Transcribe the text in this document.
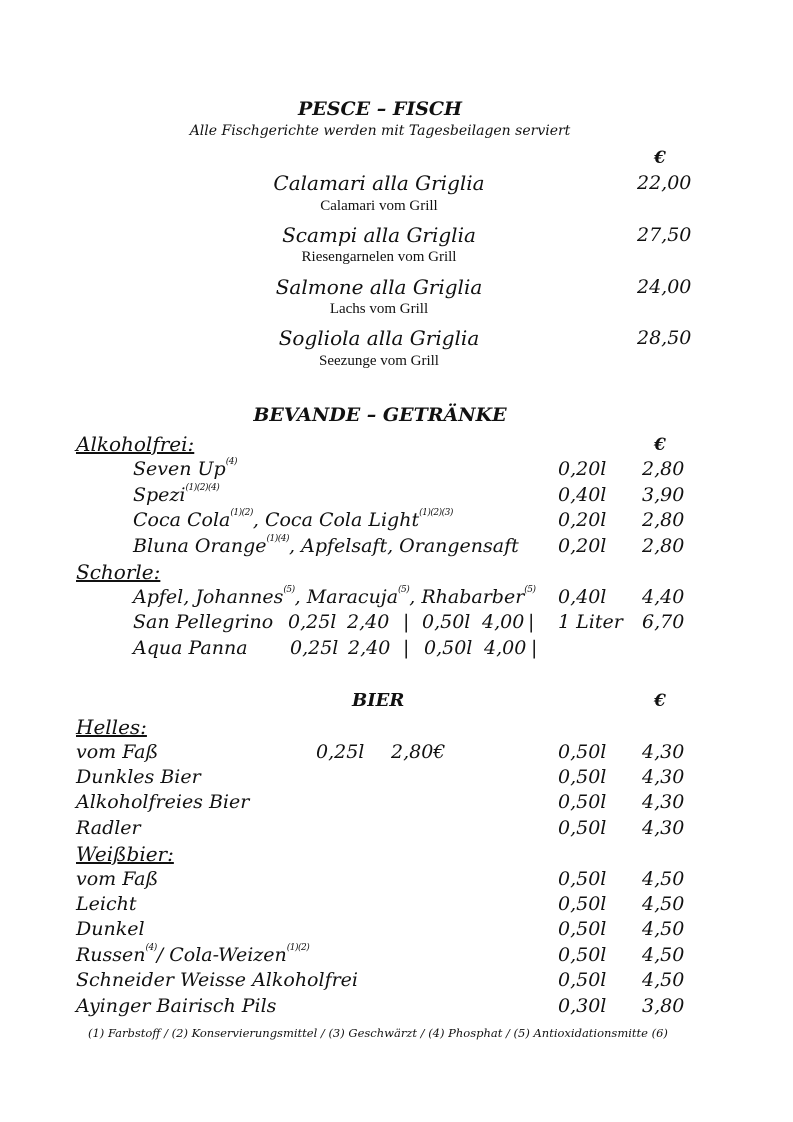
PESCE – FISCH
Alle Fischgerichte werden mit Tagesbeilagen serviert
€
Calamari alla Griglia	22,00
Calamari vom Grill
Scampi alla Griglia	27,50
Riesengarnelen vom Grill
Salmone alla Griglia	24,00
Lachs vom Grill
Sogliola alla Griglia	28,50
Seezunge vom Grill
BEVANDE – GETRÄNKE
Alkoholfrei:	€
Seven Up$^{(4)}$	0,20l 2,80
Spezi$^{(1)(2)(4)}$	0,40l 3,90
Coca Cola$^{(1)(2)}$, Coca Cola Light$^{(1)(2)(3)}$	0,20l 2,80
Bluna Orange$^{(1)(4)}$, Apfelsaft, Orangensaft 0,20l 2,80
Schorle:
Apfel, Johannes$^{(5)}$, Maracuja$^{(5)}$, Rhabarber$^{(5)}$ 0,40l 4,40
San Pellegrino 0,25l 2,40 | 0,50l 4,00 | 1 Liter 6,70
Aqua Panna 0,25l 2,40 | 0,50l 4,00 |
BIER	€
Helles:
vom Faß	0,25l 2,80€	0,50l 4,30
Dunkles Bier	0,50l 4,30
Alkoholfreies Bier	0,50l 4,30
Radler	0,50l 4,30
Weißbier:
vom Faß	0,50l 4,50
Leicht	0,50l 4,50
Dunkel	0,50l 4,50
Russen$^{(4)}$/ Cola-Weizen$^{(1)(2)}$	0,50l 4,50
Schneider Weisse Alkoholfrei	0,50l 4,50
Ayinger Bairisch Pils	0,30l 3,80
(1) Farbstoff / (2) Konservierungsmittel / (3) Geschwärzt / (4) Phosphat / (5) Antioxidationsmitte (6)
